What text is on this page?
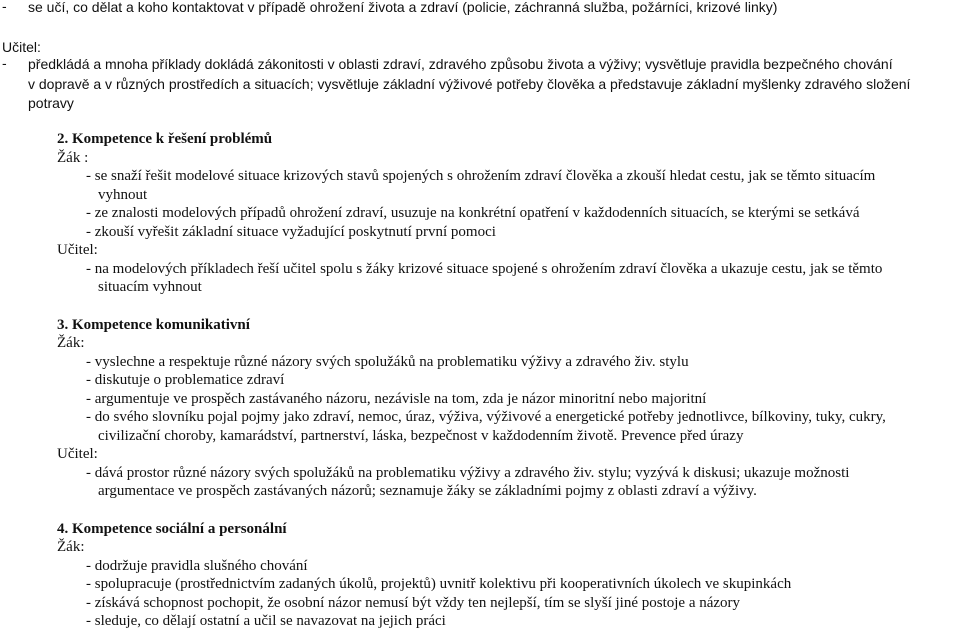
- se učí, co dělat a koho kontaktovat v případě ohrožení života a zdraví (policie, záchranná služba, požárníci, krizové linky)
Učitel:
- předkládá a mnoha příklady dokládá zákonitosti v oblasti zdraví, zdravého způsobu života a výživy; vysvětluje pravidla bezpečného chování
v dopravě a v různých prostředích a situacích; vysvětluje základní výživové potřeby člověka a představuje základní myšlenky zdravého složení
potravy
2. Kompetence k řešení problémů
Žák :
- se snaží řešit modelové situace krizových stavů spojených s ohrožením zdraví člověka a zkouší hledat cestu, jak se těmto situacím
vyhnout
- ze znalosti modelových případů ohrožení zdraví, usuzuje na konkrétní opatření v každodenních situacích, se kterými se setkává
- zkouší vyřešit základní situace vyžadující poskytnutí první pomoci
Učitel:
- na modelových příkladech řeší učitel spolu s žáky krizové situace spojené s ohrožením zdraví člověka a ukazuje cestu, jak se těmto
situacím vyhnout
3. Kompetence komunikativní
Žák:
- vyslechne a respektuje různé názory svých spolužáků na problematiku výživy a zdravého živ. stylu
- diskutuje o problematice zdraví
- argumentuje ve prospěch zastávaného názoru, nezávisle na tom, zda je názor minoritní nebo majoritní
- do svého slovníku pojal pojmy jako zdraví, nemoc, úraz, výživa, výživové a energetické potřeby jednotlivce, bílkoviny, tuky, cukry,
civilizační choroby, kamarádství, partnerství, láska, bezpečnost v každodenním životě. Prevence před úrazy
Učitel:
- dává prostor různé názory svých spolužáků na problematiku výživy a zdravého živ. stylu; vyzývá k diskusi; ukazuje možnosti
argumentace ve prospěch zastávaných názorů; seznamuje žáky se základními pojmy z oblasti zdraví a výživy.
4. Kompetence sociální a personální
Žák:
- dodržuje pravidla slušného chování
- spolupracuje (prostřednictvím zadaných úkolů, projektů) uvnitř kolektivu při kooperativních úkolech ve skupinkách
- získává schopnost pochopit, že osobní názor nemusí být vždy ten nejlepší, tím se slyší jiné postoje a názory
- sleduje, co dělají ostatní a učil se navazovat na jejich práci
